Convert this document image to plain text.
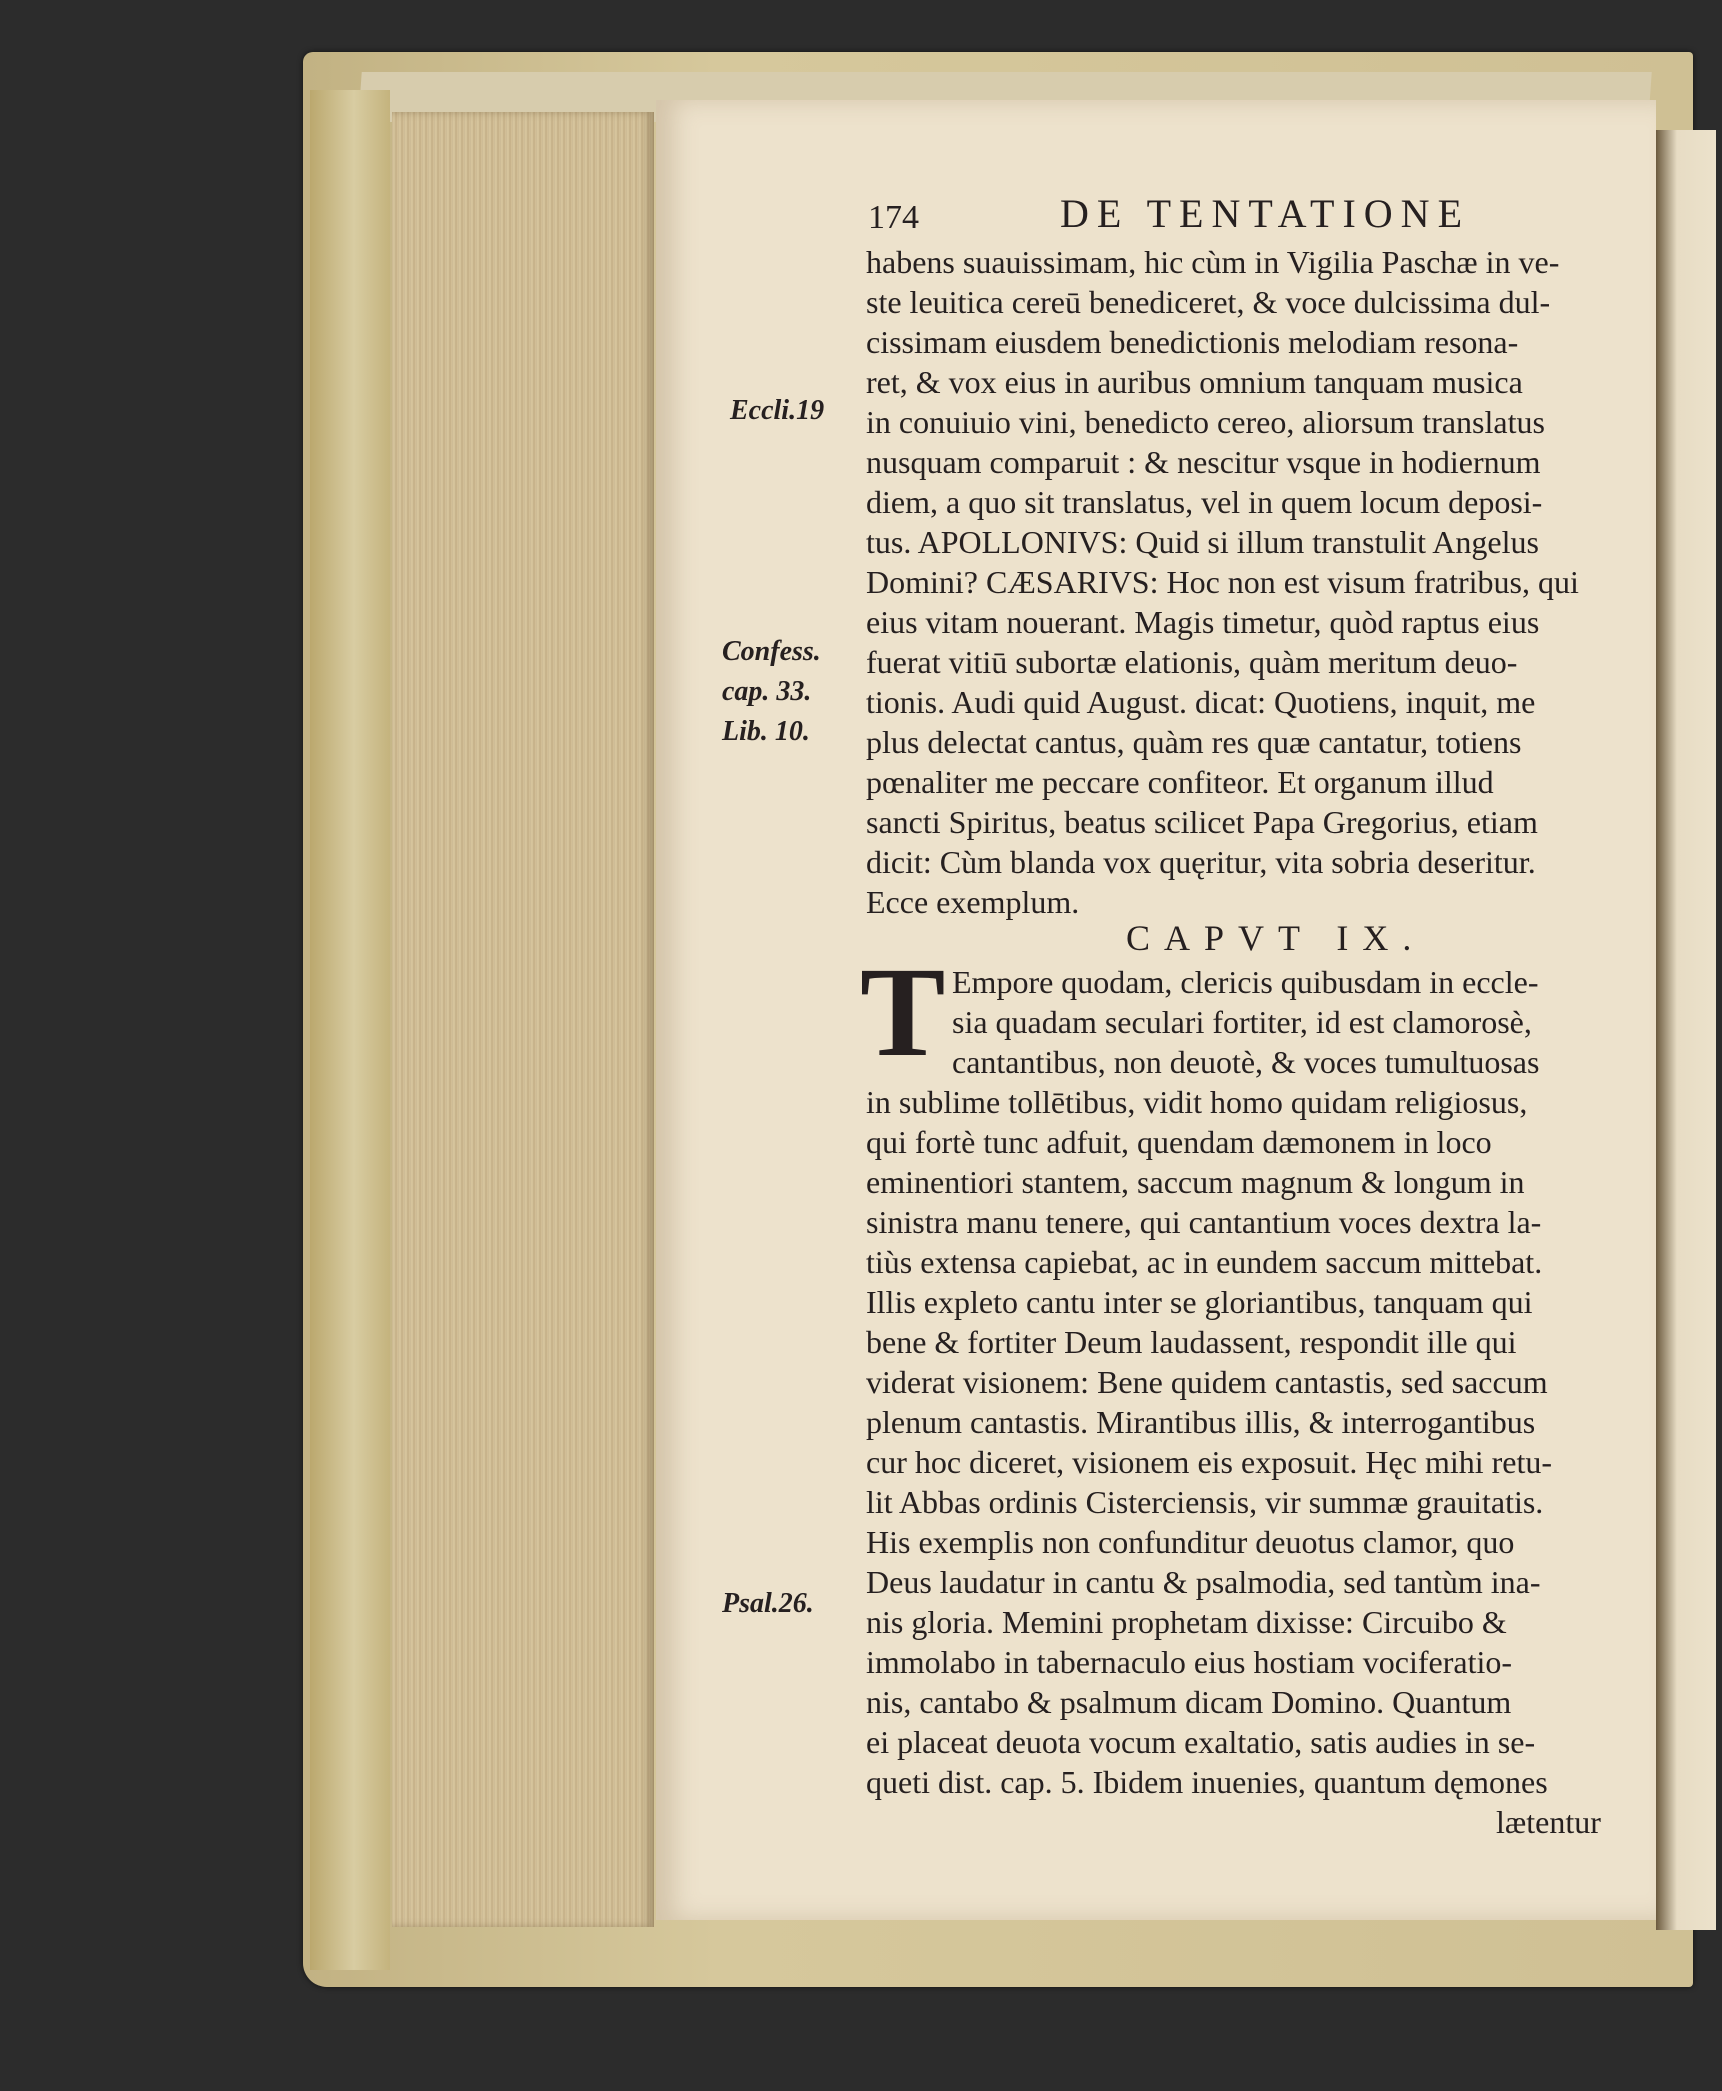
174	DE TENTATIONE
Eccli.19
Confess.
cap. 33.
Lib. 10.
Psal.26.
habens suauissimam, hic cùm in Vigilia Paschæ in ve-
ste leuitica cereū benediceret, & voce dulcissima dul-
cissimam eiusdem benedictionis melodiam resona-
ret, & vox eius in auribus omnium tanquam musica
in conuiuio vini, benedicto cereo, aliorsum translatus
nusquam comparuit : & nescitur vsque in hodiernum
diem, a quo sit translatus, vel in quem locum deposi-
tus. APOLLONIVS: Quid si illum transtulit Angelus
Domini? CÆSARIVS: Hoc non est visum fratribus, qui
eius vitam nouerant. Magis timetur, quòd raptus eius
fuerat vitiū subortæ elationis, quàm meritum deuo-
tionis. Audi quid August. dicat: Quotiens, inquit, me
plus delectat cantus, quàm res quæ cantatur, totiens
pœnaliter me peccare confiteor. Et organum illud
sancti Spiritus, beatus scilicet Papa Gregorius, etiam
dicit: Cùm blanda vox quęritur, vita sobria deseritur.
Ecce exemplum.
CAPVT IX.
T Empore quodam, clericis quibusdam in eccle-
sia quadam seculari fortiter, id est clamorosè,
cantantibus, non deuotè, & voces tumultuosas
in sublime tollētibus, vidit homo quidam religiosus,
qui fortè tunc adfuit, quendam dæmonem in loco
eminentiori stantem, saccum magnum & longum in
sinistra manu tenere, qui cantantium voces dextra la-
tiùs extensa capiebat, ac in eundem saccum mittebat.
Illis expleto cantu inter se gloriantibus, tanquam qui
bene & fortiter Deum laudassent, respondit ille qui
viderat visionem: Bene quidem cantastis, sed saccum
plenum cantastis. Mirantibus illis, & interrogantibus
cur hoc diceret, visionem eis exposuit. Hęc mihi retu-
lit Abbas ordinis Cisterciensis, vir summæ grauitatis.
His exemplis non confunditur deuotus clamor, quo
Deus laudatur in cantu & psalmodia, sed tantùm ina-
nis gloria. Memini prophetam dixisse: Circuibo &
immolabo in tabernaculo eius hostiam vociferatio-
nis, cantabo & psalmum dicam Domino. Quantum
ei placeat deuota vocum exaltatio, satis audies in se-
queti dist. cap. 5. Ibidem inuenies, quantum dęmones
lætentur
